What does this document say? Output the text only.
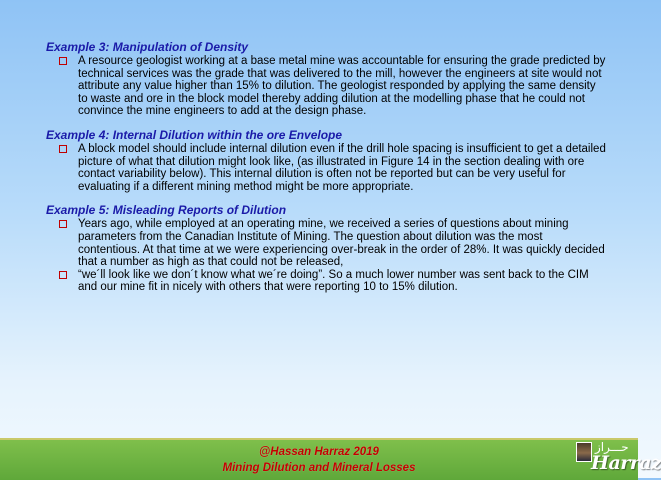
Example 3: Manipulation of Density
A resource geologist working at a base metal mine was accountable for ensuring the grade predicted by technical services was the grade that was delivered to the mill, however the engineers at site would not attribute any value higher than 15% to dilution. The geologist responded by applying the same density to waste and ore in the block model thereby adding dilution at the modelling phase that he could not convince the mine engineers to add at the design phase.
Example 4: Internal Dilution within the ore Envelope
A block model should include internal dilution even if the drill hole spacing is insufficient to get a detailed picture of what that dilution might look like, (as illustrated in Figure 14 in the section dealing with ore contact variability below). This internal dilution is often not be reported but can be very useful for evaluating if a different mining method might be more appropriate.
Example 5: Misleading Reports of Dilution
Years ago, while employed at an operating mine, we received a series of questions about mining parameters from the Canadian Institute of Mining. The question about dilution was the most contentious. At that time at we were experiencing over-break in the order of 28%. It was quickly decided that a number as high as that could not be released,
“we´ll look like we don´t know what we´re doing”. So a much lower number was sent back to the CIM and our mine fit in nicely with others that were reporting 10 to 15% dilution.
@Hassan Harraz 2019
Mining Dilution and Mineral Losses
حـــراز
Harraz
